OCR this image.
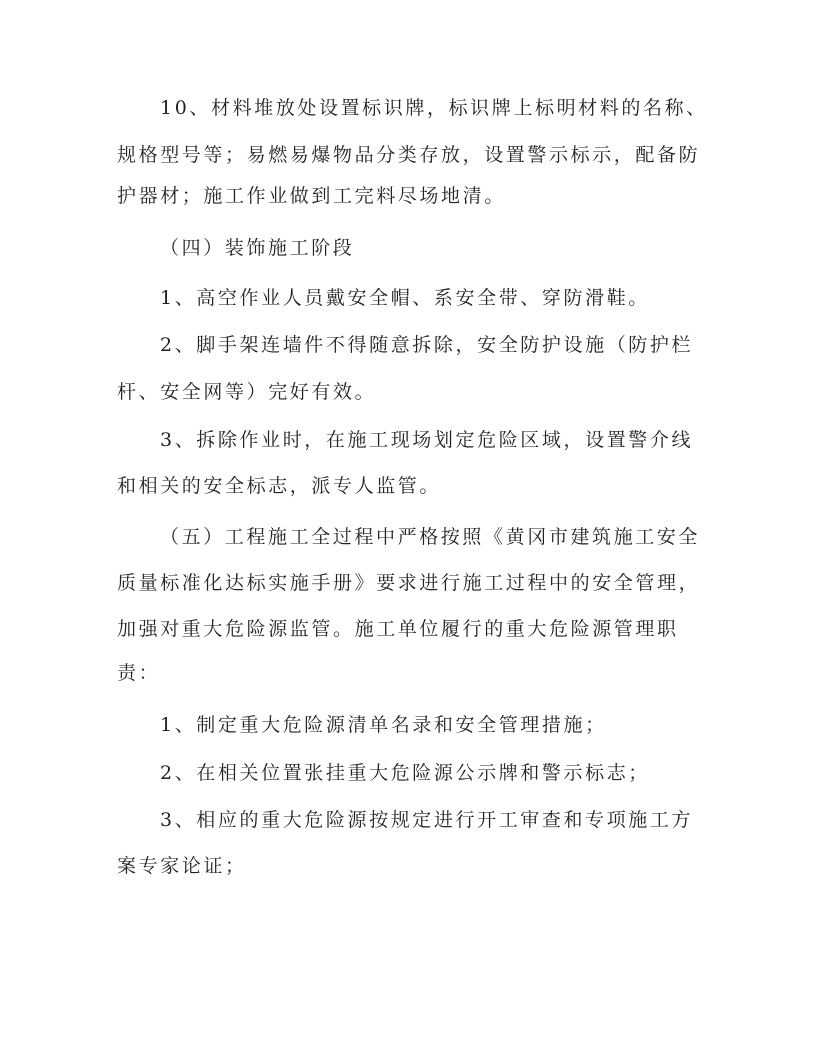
10、材料堆放处设置标识牌，标识牌上标明材料的名称、
规格型号等；易燃易爆物品分类存放，设置警示标示，配备防
护器材；施工作业做到工完料尽场地清。
（四）装饰施工阶段
1、高空作业人员戴安全帽、系安全带、穿防滑鞋。
2、脚手架连墙件不得随意拆除，安全防护设施（防护栏
杆、安全网等）完好有效。
3、拆除作业时，在施工现场划定危险区域，设置警介线
和相关的安全标志，派专人监管。
（五）工程施工全过程中严格按照《黄冈市建筑施工安全
质量标准化达标实施手册》要求进行施工过程中的安全管理，
加强对重大危险源监管。施工单位履行的重大危险源管理职
责：
1、制定重大危险源清单名录和安全管理措施；
2、在相关位置张挂重大危险源公示牌和警示标志；
3、相应的重大危险源按规定进行开工审查和专项施工方
案专家论证；
